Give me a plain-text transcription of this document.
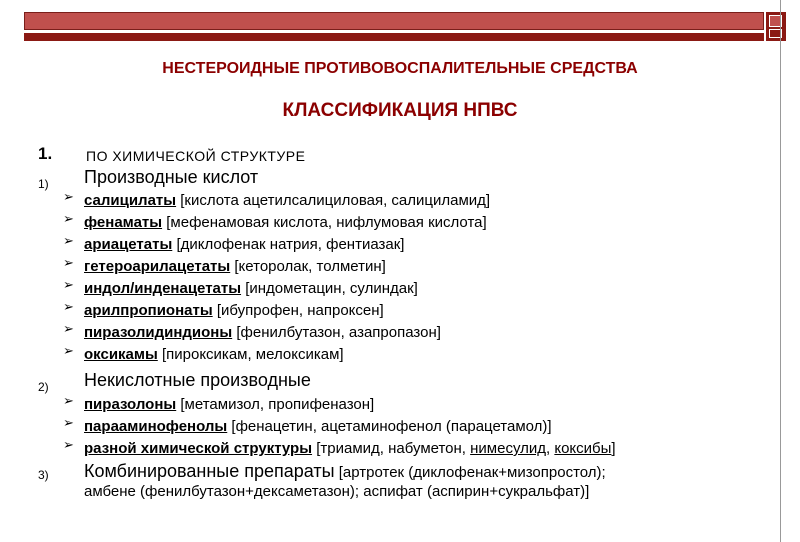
НЕСТЕРОИДНЫЕ ПРОТИВОВОСПАЛИТЕЛЬНЫЕ СРЕДСТВА
КЛАССИФИКАЦИЯ НПВС
1. ПО ХИМИЧЕСКОЙ СТРУКТУРЕ
1) Производные кислот
➢ салицилаты [кислота ацетилсалициловая, салициламид]
➢ фенаматы [мефенамовая кислота, нифлумовая кислота]
➢ ариацетаты [диклофенак натрия, фентиазак]
➢ гетероарилацетаты [кеторолак, толметин]
➢ индол/инденацетаты [индометацин, сулиндак]
➢ арилпропионаты [ибупрофен, напроксен]
➢ пиразолидиндионы [фенилбутазон, азапропазон]
➢ оксикамы [пироксикам, мелоксикам]
2) Некислотные производные
➢ пиразолоны [метамизол, пропифеназон]
➢ парааминофенолы [фенацетин, ацетаминофенол (парацетамол)]
➢ разной химической структуры [триамид, набуметон, нимесулид, коксибы]
3) Комбинированные препараты [артротек (диклофенак+мизопростол);
амбене (фенилбутазон+дексаметазон); аспифат (аспирин+сукральфат)]
